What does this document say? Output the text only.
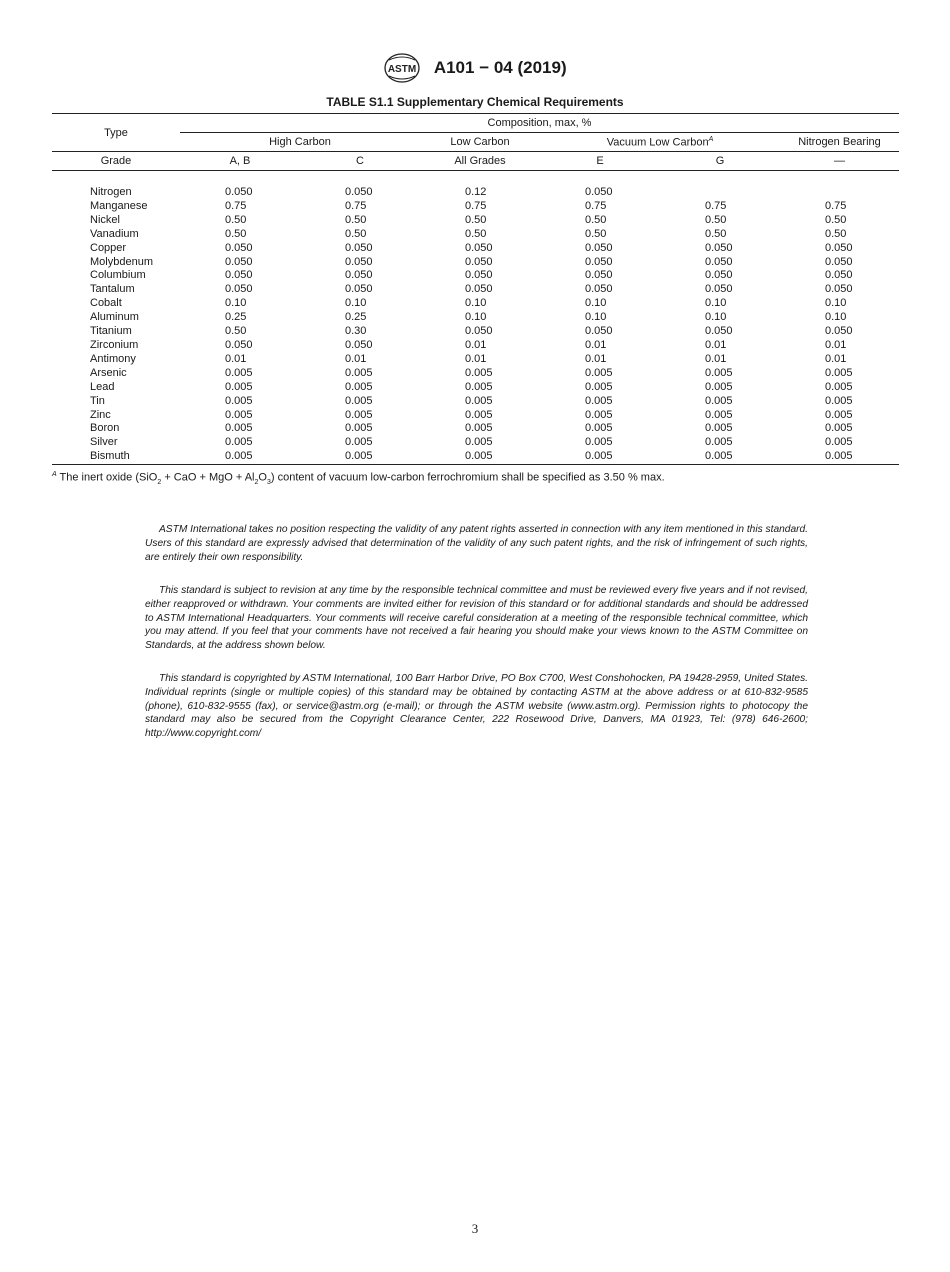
ASTM A101 − 04 (2019)
TABLE S1.1 Supplementary Chemical Requirements
Type	Composition, max, %					
	High Carbon		Low Carbon	Vacuum Low Carbon$^A$		Nitrogen Bearing
Grade	A, B	C	All Grades	E	G	—

Nitrogen	0.050	0.050	0.12	0.050		
Manganese	0.75	0.75	0.75	0.75	0.75	0.75
Nickel	0.50	0.50	0.50	0.50	0.50	0.50
Vanadium	0.50	0.50	0.50	0.50	0.50	0.50
Copper	0.050	0.050	0.050	0.050	0.050	0.050
Molybdenum	0.050	0.050	0.050	0.050	0.050	0.050
Columbium	0.050	0.050	0.050	0.050	0.050	0.050
Tantalum	0.050	0.050	0.050	0.050	0.050	0.050
Cobalt	0.10	0.10	0.10	0.10	0.10	0.10
Aluminum	0.25	0.25	0.10	0.10	0.10	0.10
Titanium	0.50	0.30	0.050	0.050	0.050	0.050
Zirconium	0.050	0.050	0.01	0.01	0.01	0.01
Antimony	0.01	0.01	0.01	0.01	0.01	0.01
Arsenic	0.005	0.005	0.005	0.005	0.005	0.005
Lead	0.005	0.005	0.005	0.005	0.005	0.005
Tin	0.005	0.005	0.005	0.005	0.005	0.005
Zinc	0.005	0.005	0.005	0.005	0.005	0.005
Boron	0.005	0.005	0.005	0.005	0.005	0.005
Silver	0.005	0.005	0.005	0.005	0.005	0.005
Bismuth	0.005	0.005	0.005	0.005	0.005	0.005
$^A$ The inert oxide (SiO$_2$ + CaO + MgO + $Al_2O_3$) content of vacuum low-carbon ferrochromium shall be specified as 3.50 % max.

ASTM International takes no position respecting the validity of any patent rights asserted in connection with any item mentioned in this standard. Users of this standard are expressly advised that determination of the validity of any such patent rights, and the risk of infringement of such rights, are entirely their own responsibility.

This standard is subject to revision at any time by the responsible technical committee and must be reviewed every five years and if not revised, either reapproved or withdrawn. Your comments are invited either for revision of this standard or for additional standards and should be addressed to ASTM International Headquarters. Your comments will receive careful consideration at a meeting of the responsible technical committee, which you may attend. If you feel that your comments have not received a fair hearing you should make your views known to the ASTM Committee on Standards, at the address shown below.

This standard is copyrighted by ASTM International, 100 Barr Harbor Drive, PO Box C700, West Conshohocken, PA 19428-2959, United States. Individual reprints (single or multiple copies) of this standard may be obtained by contacting ASTM at the above address or at 610-832-9585 (phone), 610-832-9555 (fax), or service@astm.org (e-mail); or through the ASTM website (www.astm.org). Permission rights to photocopy the standard may also be secured from the Copyright Clearance Center, 222 Rosewood Drive, Danvers, MA 01923, Tel: (978) 646-2600; http://www.copyright.com/

3
